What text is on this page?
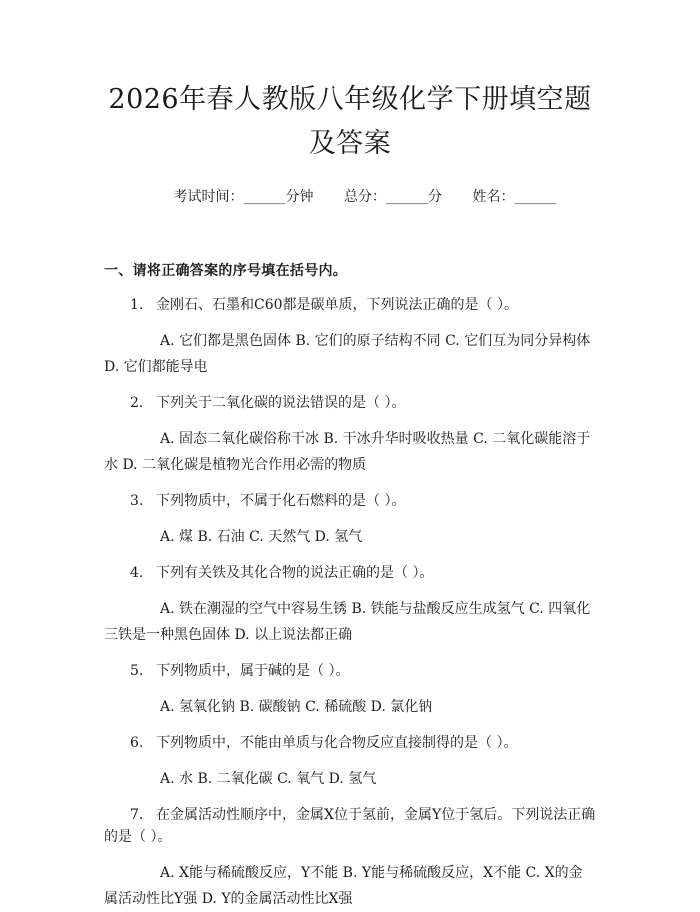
2026年春人教版八年级化学下册填空题及答案
考试时间：______分钟 总分：______分 姓名：______
一、请将正确答案的序号填在括号内。
1. 金刚石、石墨和C60都是碳单质，下列说法正确的是（ ）。
A. 它们都是黑色固体 B. 它们的原子结构不同 C. 它们互为同分异构体 D. 它们都能导电
2. 下列关于二氧化碳的说法错误的是（ ）。
A. 固态二氧化碳俗称干冰 B. 干冰升华时吸收热量 C. 二氧化碳能溶于水 D. 二氧化碳是植物光合作用必需的物质
3. 下列物质中，不属于化石燃料的是（ ）。
A. 煤 B. 石油 C. 天然气 D. 氢气
4. 下列有关铁及其化合物的说法正确的是（ ）。
A. 铁在潮湿的空气中容易生锈 B. 铁能与盐酸反应生成氢气 C. 四氧化三铁是一种黑色固体 D. 以上说法都正确
5. 下列物质中，属于碱的是（ ）。
A. 氢氧化钠 B. 碳酸钠 C. 稀硫酸 D. 氯化钠
6. 下列物质中，不能由单质与化合物反应直接制得的是（ ）。
A. 水 B. 二氧化碳 C. 氧气 D. 氢气
7. 在金属活动性顺序中，金属X位于氢前，金属Y位于氢后。下列说法正确的是（ ）。
A. X能与稀硫酸反应，Y不能 B. Y能与稀硫酸反应，X不能 C. X的金属活动性比Y强 D. Y的金属活动性比X强
